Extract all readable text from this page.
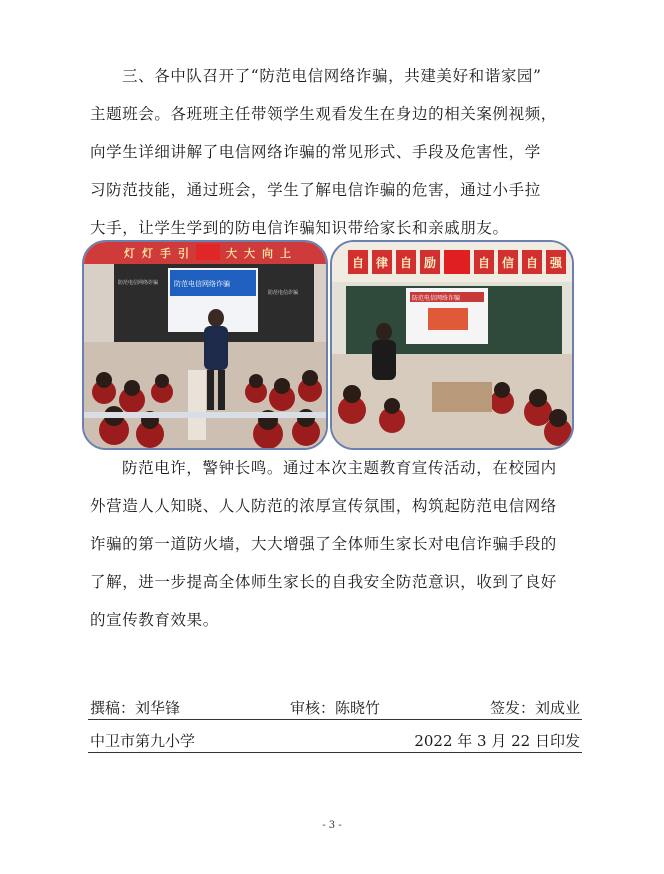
三、各中队召开了“防范电信网络诈骗，共建美好和谐家园”
主题班会。各班班主任带领学生观看发生在身边的相关案例视频，
向学生详细讲解了电信网络诈骗的常见形式、手段及危害性，学
习防范技能，通过班会，学生了解电信诈骗的危害，通过小手拉
大手，让学生学到的防电信诈骗知识带给家长和亲戚朋友。
灯 灯 手 引	大 大 向 上
防范电信网络诈骗
防范电信网络诈骗
防范电信诈骗
自 律 自 励	自 信 自 强
防范电信网络诈骗
防范电诈，警钟长鸣。通过本次主题教育宣传活动，在校园内
外营造人人知晓、人人防范的浓厚宣传氛围，构筑起防范电信网络
诈骗的第一道防火墙，大大增强了全体师生家长对电信诈骗手段的
了解，进一步提高全体师生家长的自我安全防范意识，收到了良好
的宣传教育效果。
撰稿：刘华锋	审核：陈晓竹	签发：刘成业
中卫市第九小学	2022 年 3 月 22 日印发
- 3 -
